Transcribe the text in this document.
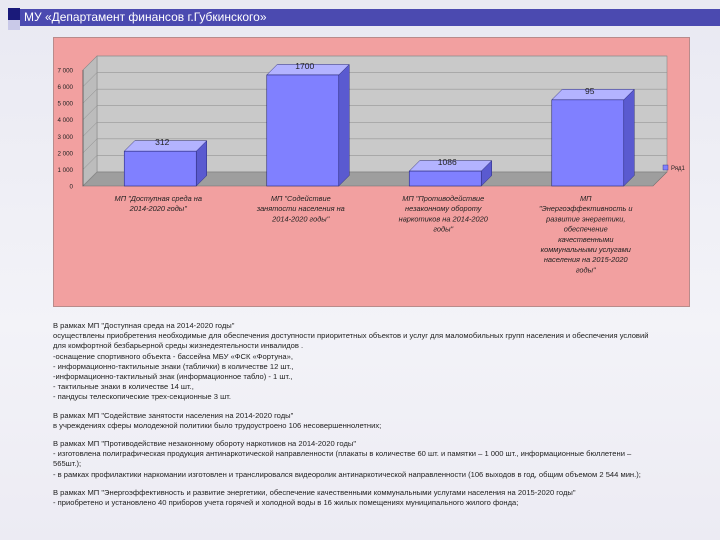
МУ «Департамент финансов г.Губкинского»
0
1 000
2 000
3 000
4 000
5 000
6 000
7 000
312
МП "Доступная среда на
2014-2020 годы"
1700
МП "Содействие
занятости населения на
2014-2020 годы"
1086
МП "Противодействие
незаконному обороту
наркотиков на 2014-2020
годы"
95
МП
"Энергоэффективность и
развитие энергетики,
обеспечение
качественными
коммунальными услугами
населения на 2015-2020
годы"
Ряд1
В рамках МП "Доступная среда на 2014-2020 годы"
осуществлены приобретения необходимые для обеспечения доступности приоритетных объектов и услуг для маломобильных групп населения и обеспечения условий
для комфортной безбарьерной среды жизнедеятельности инвалидов .
-оснащение спортивного объекта - бассейна МБУ «ФСК «Фортуна»,
- информационно-тактильные знаки (таблички) в количестве 12 шт.,
-информационно-тактильный знак (информационное табло) - 1 шт.,
- тактильные знаки в количестве 14 шт.,
- пандусы телескопические трех-секционные 3 шт.
В рамках МП "Содействие занятости населения на 2014-2020 годы"
в учреждениях сферы молодежной политики было трудоустроено 106 несовершеннолетних;
В рамках МП "Противодействие незаконному обороту наркотиков на 2014-2020 годы"
- изготовлена полиграфическая продукция антинаркотической направленности (плакаты в количестве 60 шт. и памятки – 1 000 шт., информационные бюллетени –
565шт.);
- в рамках профилактики наркомании изготовлен и транслировался видеоролик антинаркотической направленности (106 выходов в год, общим объемом 2 544 мин.);
В рамках МП "Энергоэффективность и развитие энергетики, обеспечение качественными коммунальными услугами населения на 2015-2020 годы"
- приобретено и установлено 40 приборов учета горячей и холодной воды в 16 жилых помещениях муниципального жилого фонда;
